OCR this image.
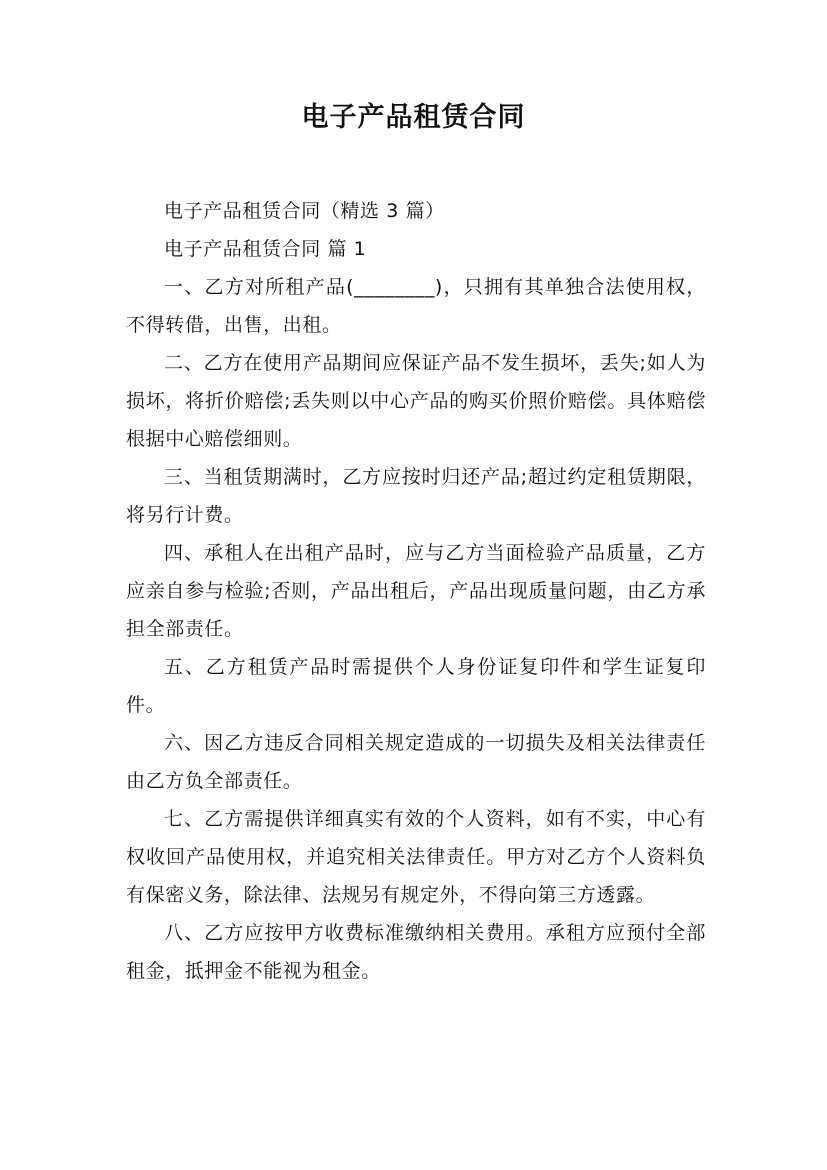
电子产品租赁合同

电子产品租赁合同（精选 3 篇）

电子产品租赁合同 篇 1

一、乙方对所租产品(________)，只拥有其单独合法使用权，不得转借，出售，出租。

二、乙方在使用产品期间应保证产品不发生损坏，丢失;如人为损坏，将折价赔偿;丢失则以中心产品的购买价照价赔偿。具体赔偿根据中心赔偿细则。

三、当租赁期满时，乙方应按时归还产品;超过约定租赁期限，将另行计费。

四、承租人在出租产品时，应与乙方当面检验产品质量，乙方应亲自参与检验;否则，产品出租后，产品出现质量问题，由乙方承担全部责任。

五、乙方租赁产品时需提供个人身份证复印件和学生证复印件。

六、因乙方违反合同相关规定造成的一切损失及相关法律责任由乙方负全部责任。

七、乙方需提供详细真实有效的个人资料，如有不实，中心有权收回产品使用权，并追究相关法律责任。甲方对乙方个人资料负有保密义务，除法律、法规另有规定外，不得向第三方透露。

八、乙方应按甲方收费标准缴纳相关费用。承租方应预付全部租金，抵押金不能视为租金。
